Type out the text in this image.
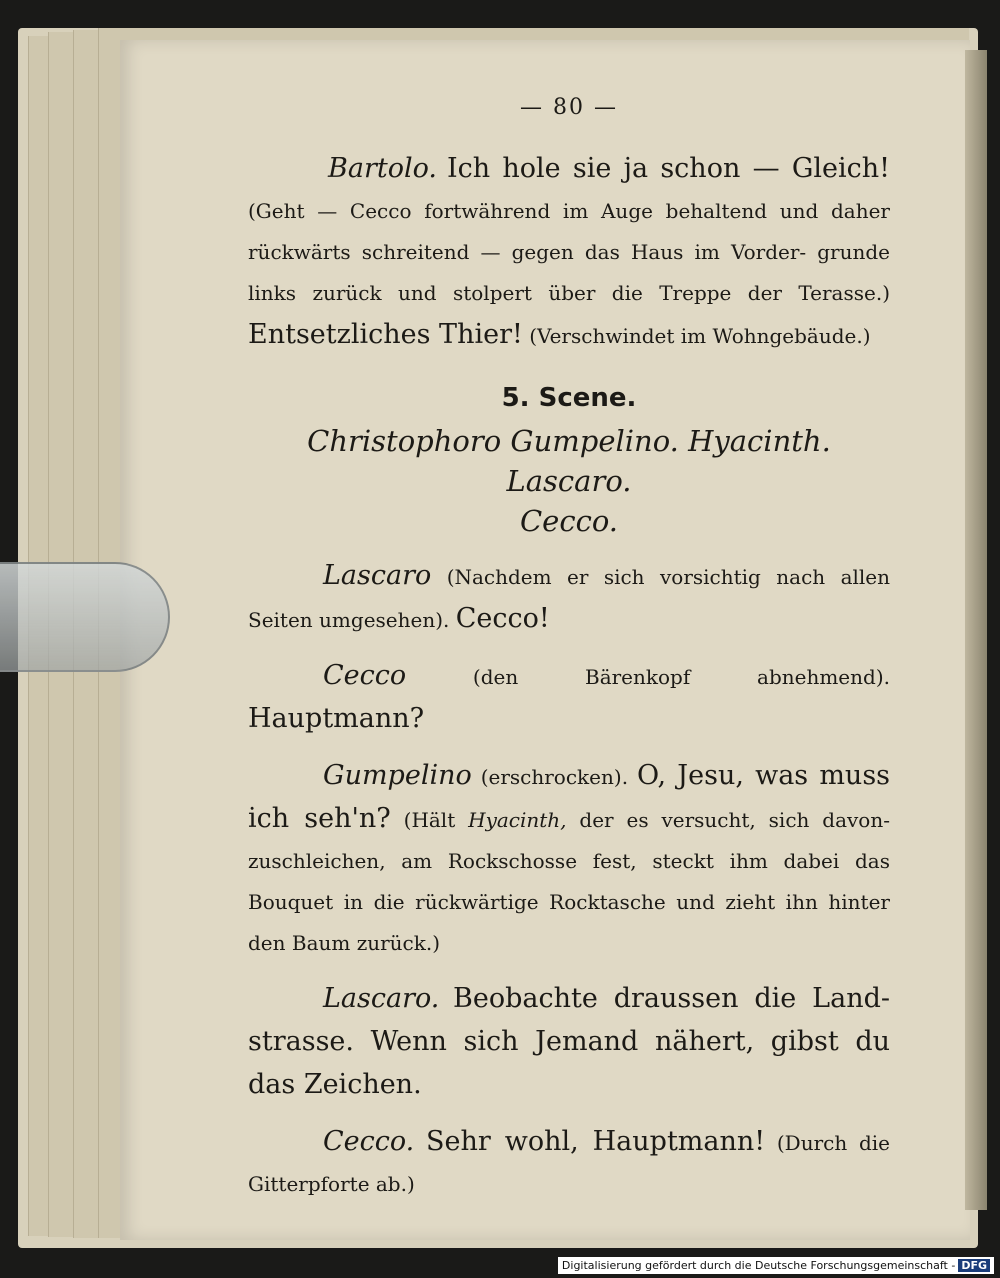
— 80 —

Bartolo. Ich hole sie ja schon — Gleich! (Geht — Cecco fortwährend im Auge behaltend und daher rückwärts schreitend — gegen das Haus im Vorder- grunde links zurück und stolpert über die Treppe der Terasse.) Entsetzliches Thier! (Verschwindet im Wohngebäude.)

5. Scene.
Christophoro Gumpelino. Hyacinth. Lascaro.
Cecco.

Lascaro (Nachdem er sich vorsichtig nach allen Seiten umgesehen). Cecco!

Cecco	(den Bärenkopf abnehmend). Hauptmann?

Gumpelino (erschrocken). O, Jesu, was muss ich seh'n? (Hält Hyacinth, der es versucht, sich davon- zuschleichen, am Rockschosse fest, steckt ihm dabei das Bouquet in die rückwärtige Rocktasche und zieht ihn hinter den Baum zurück.)

Lascaro. Beobachte draussen die Land- strasse. Wenn sich Jemand nähert, gibst du das Zeichen.

Cecco. Sehr wohl, Hauptmann! (Durch die Gitterpforte ab.)

Digitalisierung gefördert durch die Deutsche Forschungsgemeinschaft - DFG
